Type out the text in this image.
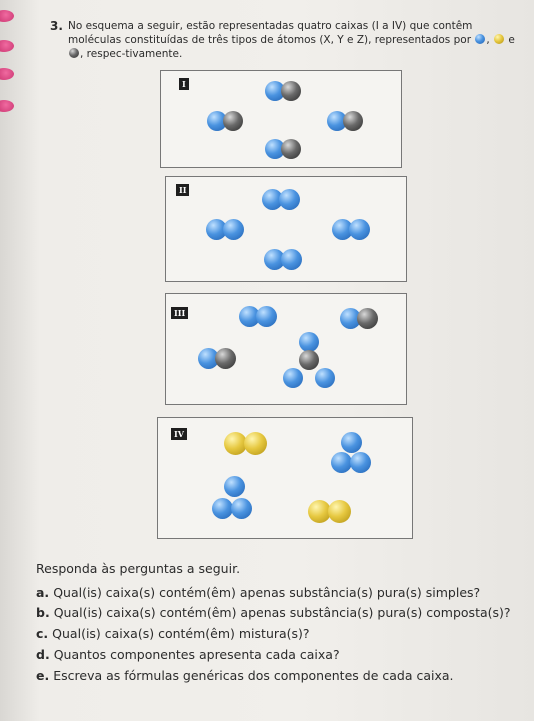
3. No esquema a seguir, estão representadas quatro caixas (I a IV) que contêm moléculas constituídas de três tipos de átomos (X, Y e Z), representados por , e , respec-tivamente.
I
II
III
IV
Responda às perguntas a seguir.
a. Qual(is) caixa(s) contém(êm) apenas substância(s) pura(s) simples?
b. Qual(is) caixa(s) contém(êm) apenas substância(s) pura(s) composta(s)?
c. Qual(is) caixa(s) contém(êm) mistura(s)?
d. Quantos componentes apresenta cada caixa?
e. Escreva as fórmulas genéricas dos componentes de cada caixa.
